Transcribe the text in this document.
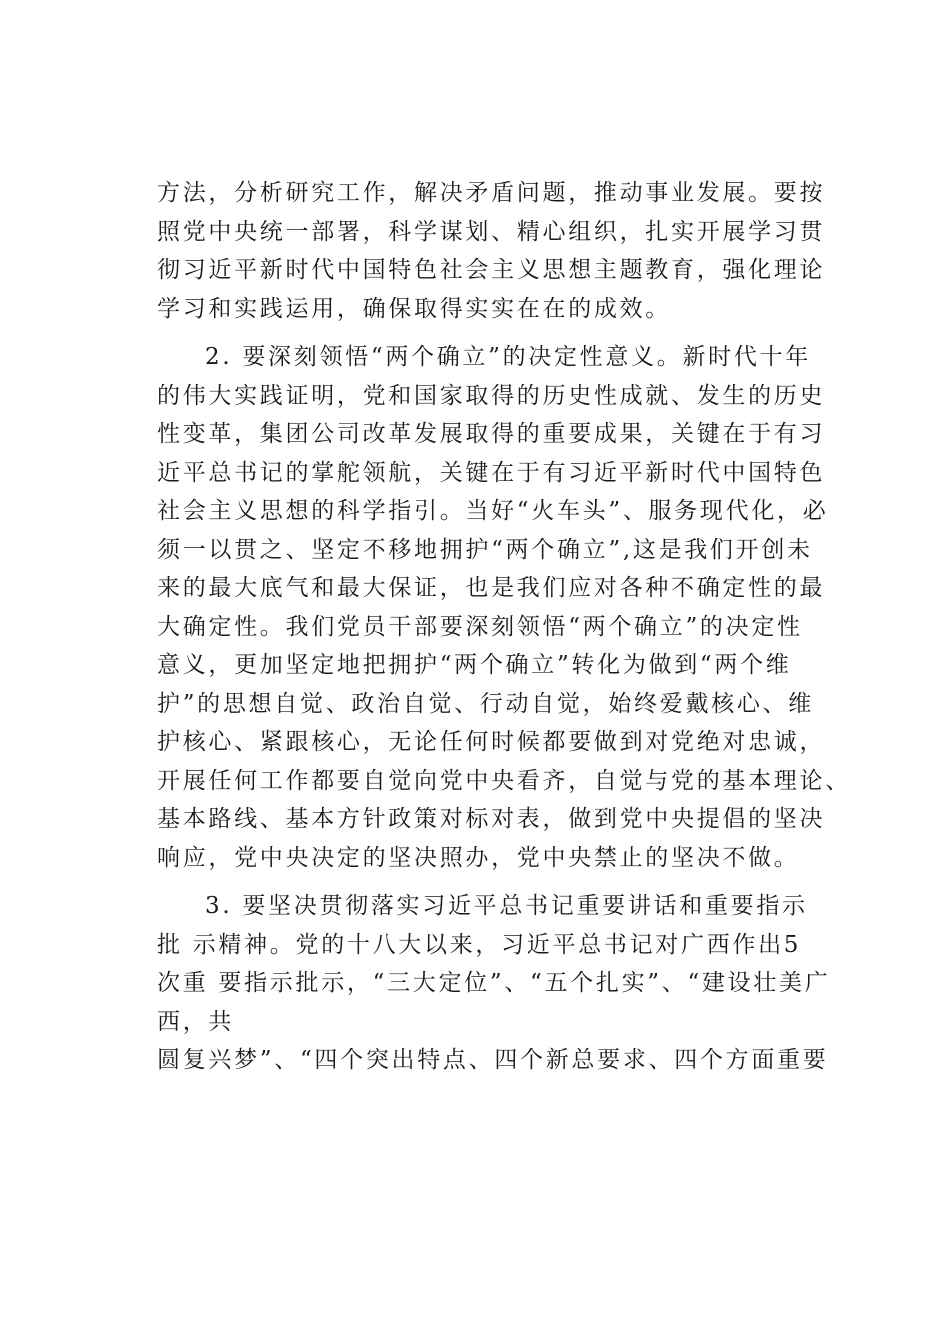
方法，分析研究工作，解决矛盾问题，推动事业发展。要按
照党中央统一部署，科学谋划、精心组织，扎实开展学习贯
彻习近平新时代中国特色社会主义思想主题教育，强化理论
学习和实践运用，确保取得实实在在的成效。
2. 要深刻领悟“两个确立”的决定性意义。新时代十年
的伟大实践证明，党和国家取得的历史性成就、发生的历史
性变革，集团公司改革发展取得的重要成果，关键在于有习
近平总书记的掌舵领航，关键在于有习近平新时代中国特色
社会主义思想的科学指引。当好“火车头”、服务现代化，必
须一以贯之、坚定不移地拥护“两个确立”,这是我们开创未
来的最大底气和最大保证，也是我们应对各种不确定性的最
大确定性。我们党员干部要深刻领悟“两个确立”的决定性
意义，更加坚定地把拥护“两个确立”转化为做到“两个维
护”的思想自觉、政治自觉、行动自觉，始终爱戴核心、维
护核心、紧跟核心，无论任何时候都要做到对党绝对忠诚，
开展任何工作都要自觉向党中央看齐，自觉与党的基本理论、
基本路线、基本方针政策对标对表，做到党中央提倡的坚决
响应，党中央决定的坚决照办，党中央禁止的坚决不做。
3. 要坚决贯彻落实习近平总书记重要讲话和重要指示
批 示精神。党的十八大以来，习近平总书记对广西作出5
次重 要指示批示，“三大定位”、“五个扎实”、“建设壮美广
西，共
圆复兴梦”、“四个突出特点、四个新总要求、四个方面重要
